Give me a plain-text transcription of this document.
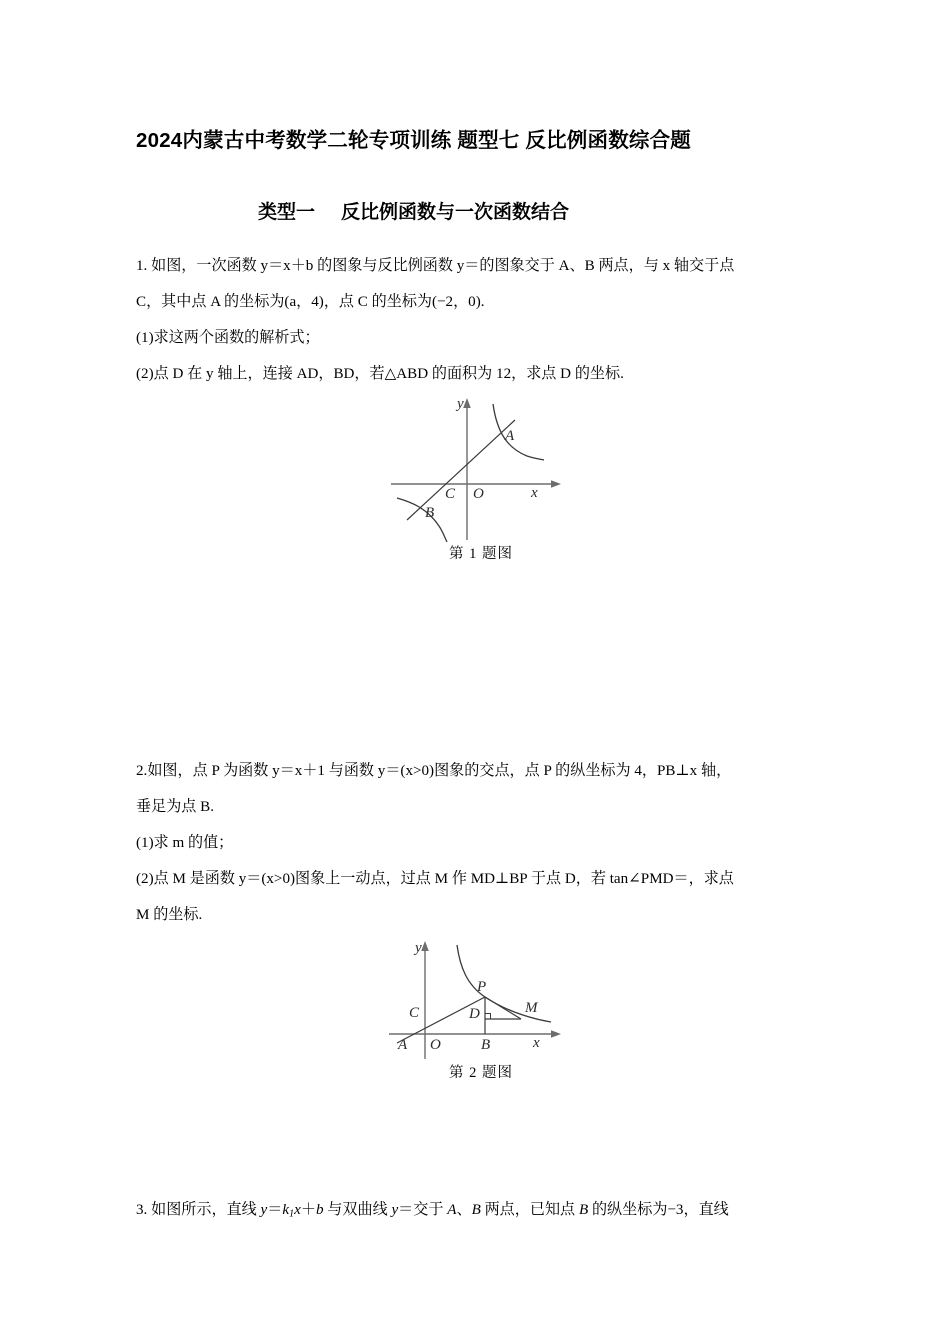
2024内蒙古中考数学二轮专项训练 题型七 反比例函数综合题
类型一 反比例函数与一次函数结合
1. 如图，一次函数 y＝x＋b 的图象与反比例函数 y＝的图象交于 A、B 两点，与 x 轴交于点
C，其中点 A 的坐标为(a，4)，点 C 的坐标为(−2，0).
(1)求这两个函数的解析式；
(2)点 D 在 y 轴上，连接 AD，BD，若△ABD 的面积为 12，求点 D 的坐标.
A
B
C O	x
y
第 1 题图
2.如图，点 P 为函数 y＝x＋1 与函数 y＝(x>0)图象的交点，点 P 的纵坐标为 4，PB⊥x 轴，
垂足为点 B.
(1)求 m 的值；
(2)点 M 是函数 y＝(x>0)图象上一动点，过点 M 作 MD⊥BP 于点 D，若 tan∠PMD＝，求点
M 的坐标.
P
M
C	D
A	B
O	x
y
第 2 题图
3. 如图所示，直线 $y=k_1x+b$ 与双曲线 y＝交于 A、B 两点，已知点 B 的纵坐标为−3，直线
